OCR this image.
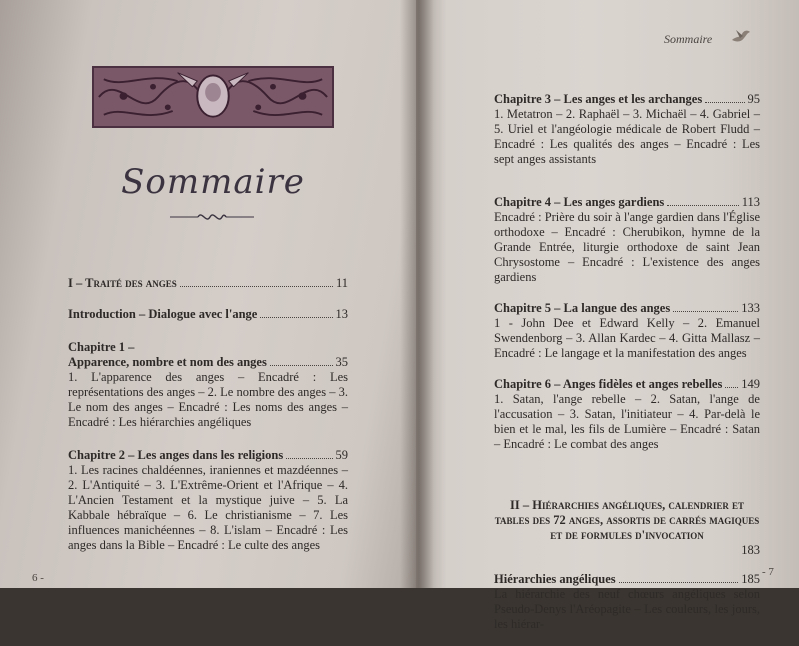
Sommaire
I – Traité des anges	11
Introduction – Dialogue avec l'ange	13
Chapitre 1 –
Apparence, nombre et nom des anges	35
1. L'apparence des anges – Encadré : Les représentations des anges – 2. Le nombre des anges – 3. Le nom des anges – Encadré : Les noms des anges – Encadré : Les hiérarchies angéliques
Chapitre 2 – Les anges dans les religions	59
1. Les racines chaldéennes, iraniennes et mazdéennes – 2. L'Antiquité – 3. L'Extrême-Orient et l'Afrique – 4. L'Ancien Testament et la mystique juive – 5. La Kabbale hébraïque – 6. Le christianisme – 7. Les influences manichéennes – 8. L'islam – Encadré : Les anges dans la Bible – Encadré : Le culte des anges
6 -
Sommaire
Chapitre 3 – Les anges et les archanges	95
1. Metatron – 2. Raphaël – 3. Michaël – 4. Gabriel – 5. Uriel et l'angéologie médicale de Robert Fludd – Encadré : Les qualités des anges – Encadré : Les sept anges assistants
Chapitre 4 – Les anges gardiens	113
Encadré : Prière du soir à l'ange gardien dans l'Église orthodoxe – Encadré : Cherubikon, hymne de la Grande Entrée, liturgie orthodoxe de saint Jean Chrysostome – Encadré : L'existence des anges gardiens
Chapitre 5 – La langue des anges	133
1 - John Dee et Edward Kelly – 2. Emanuel Swendenborg – 3. Allan Kardec – 4. Gitta Mallasz – Encadré : Le langage et la manifestation des anges
Chapitre 6 – Anges fidèles et anges rebelles 149
1. Satan, l'ange rebelle – 2. Satan, l'ange de l'accusation – 3. Satan, l'initiateur – 4. Par-delà le bien et le mal, les fils de Lumière – Encadré : Satan – Encadré : Le combat des anges
II – Hiérarchies angéliques, calendrier et tables des 72 anges, assortis de carrés magiques et de formules d'invocation
183
Hiérarchies angéliques	185
La hiérarchie des neuf chœurs angéliques selon Pseudo-Denys l'Aréopagite – Les couleurs, les jours, les hiérar-
- 7
